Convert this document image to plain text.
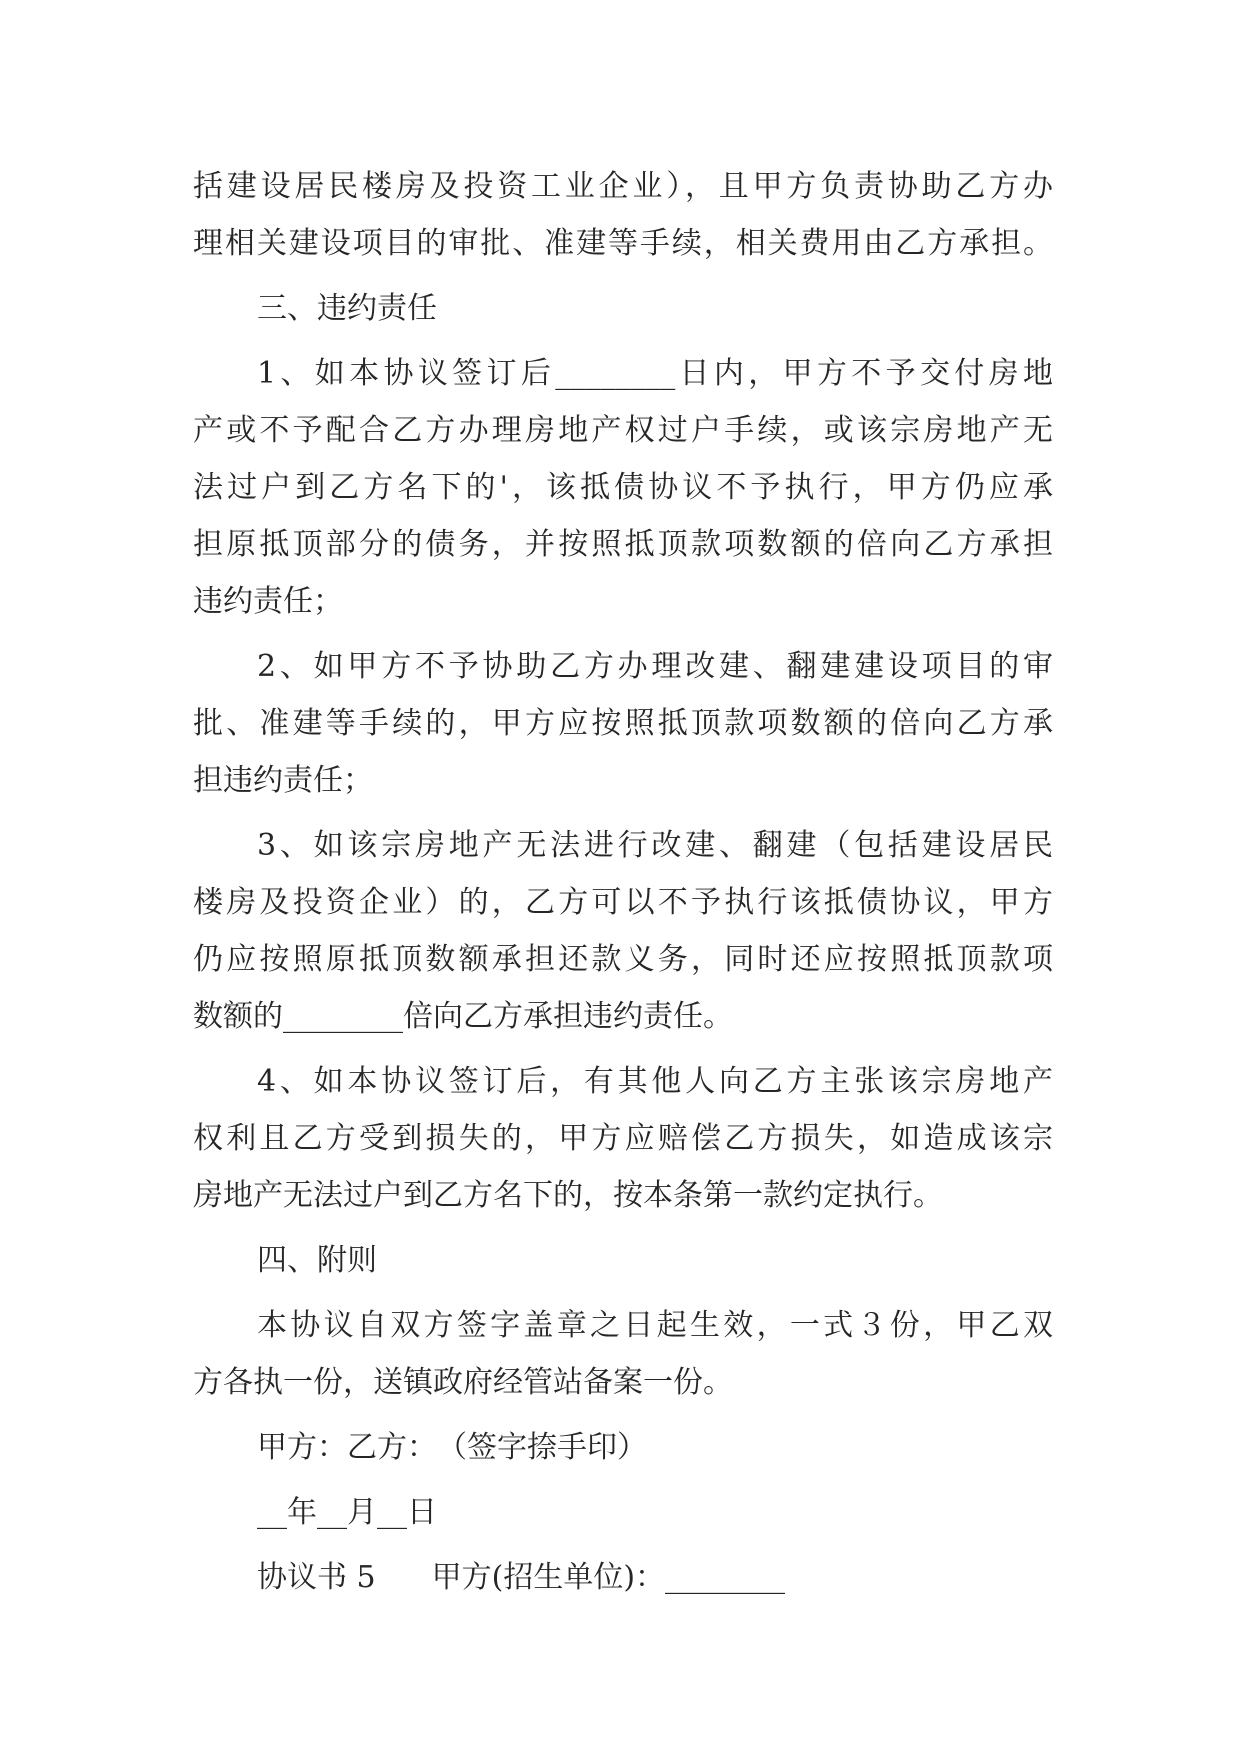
括建设居民楼房及投资工业企业），且甲方负责协助乙方办
理相关建设项目的审批、准建等手续，相关费用由乙方承担。
三、违约责任
1、如本协议签订后________日内，甲方不予交付房地
产或不予配合乙方办理房地产权过户手续，或该宗房地产无
法过户到乙方名下的'，该抵债协议不予执行，甲方仍应承
担原抵顶部分的债务，并按照抵顶款项数额的倍向乙方承担
违约责任；
2、如甲方不予协助乙方办理改建、翻建建设项目的审
批、准建等手续的，甲方应按照抵顶款项数额的倍向乙方承
担违约责任；
3、如该宗房地产无法进行改建、翻建（包括建设居民
楼房及投资企业）的，乙方可以不予执行该抵债协议，甲方
仍应按照原抵顶数额承担还款义务，同时还应按照抵顶款项
数额的________倍向乙方承担违约责任。
4、如本协议签订后，有其他人向乙方主张该宗房地产
权利且乙方受到损失的，甲方应赔偿乙方损失，如造成该宗
房地产无法过户到乙方名下的，按本条第一款约定执行。
四、附则
本协议自双方签字盖章之日起生效，一式３份，甲乙双
方各执一份，送镇政府经管站备案一份。
甲方：乙方：　（签字捺手印）
__年__月__日
协议书 5 甲方(招生单位)：________
